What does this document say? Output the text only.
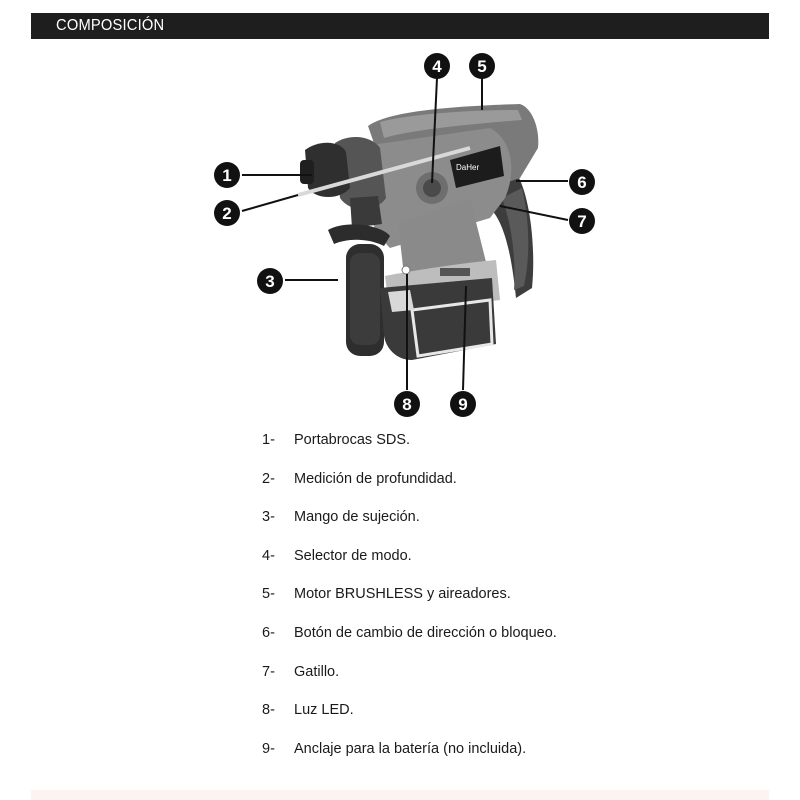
COMPOSICIÓN
DaHer
1
2
3
4 5
6
7
8	9
1- Portabrocas SDS.
2- Medición de profundidad.
3- Mango de sujeción.
4- Selector de modo.
5- Motor BRUSHLESS y aireadores.
6- Botón de cambio de dirección o bloqueo.
7- Gatillo.
8- Luz LED.
9- Anclaje para la batería (no incluida).
